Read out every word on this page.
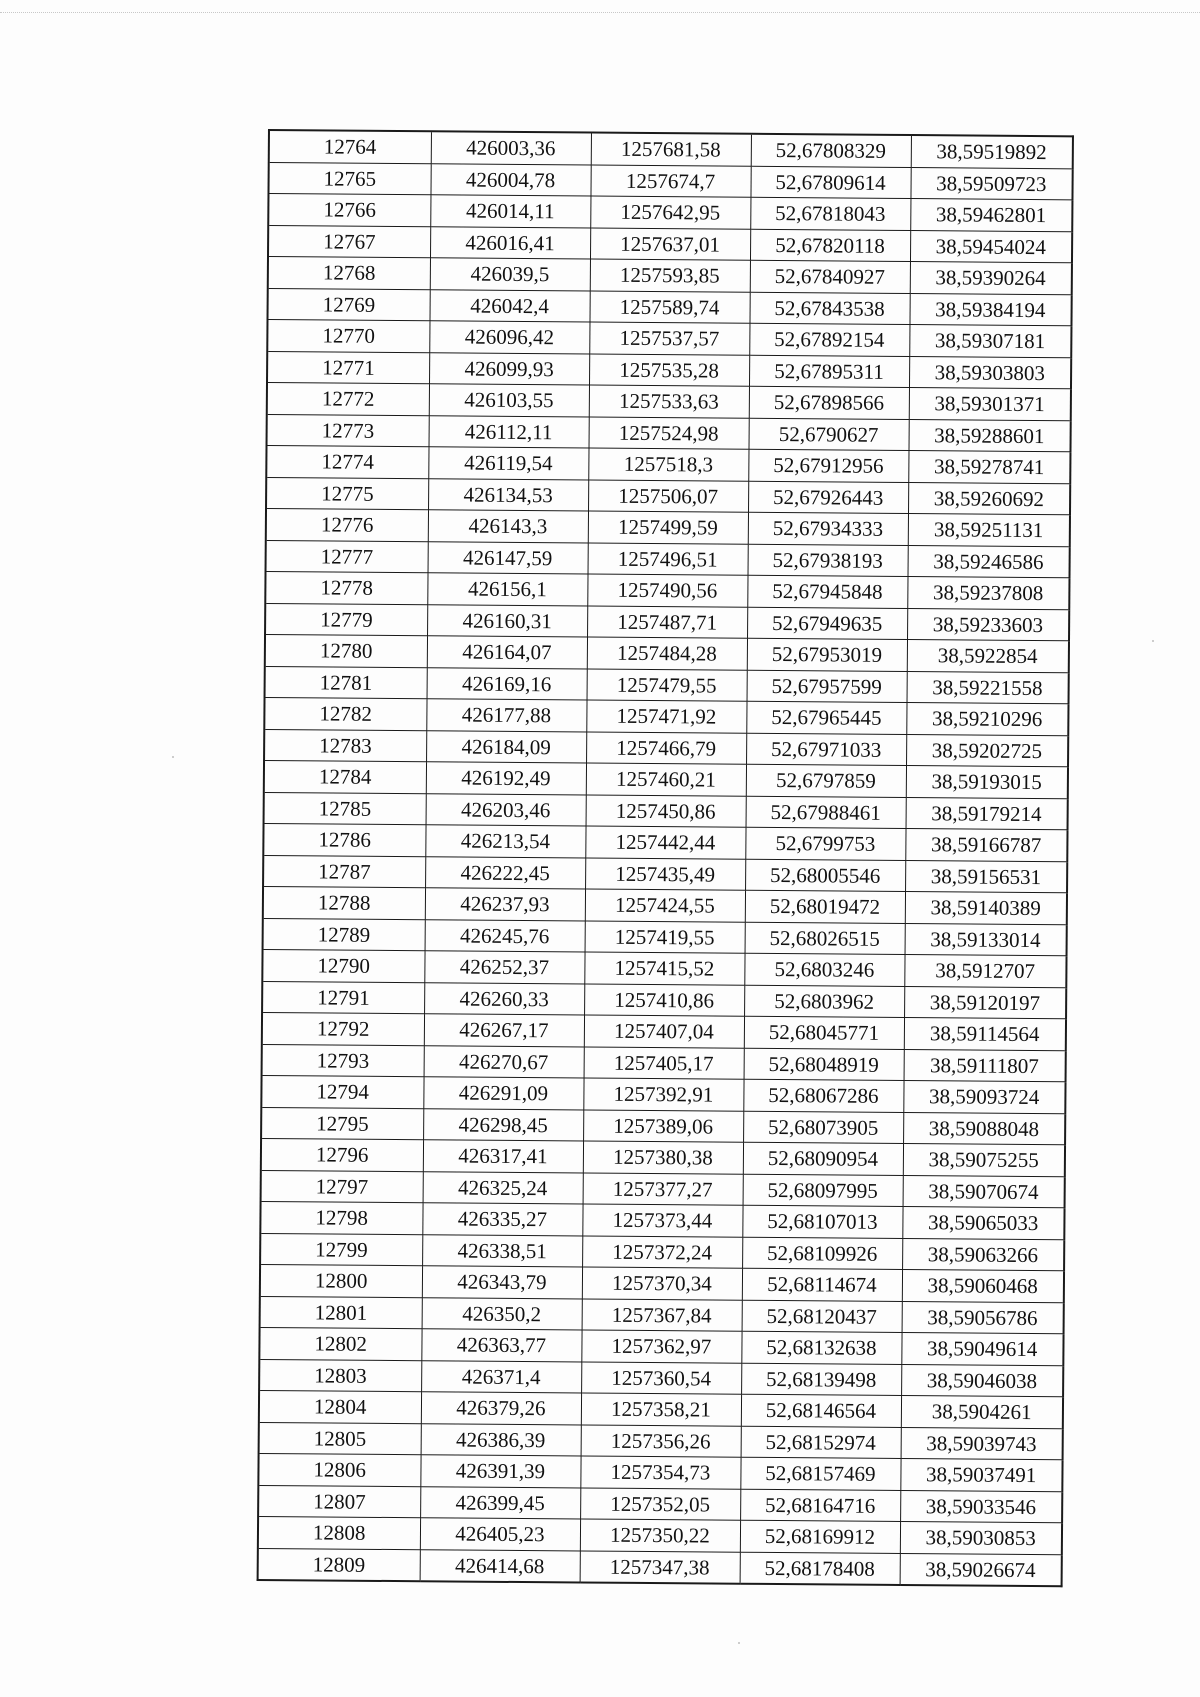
12764	426003,36	1257681,58	52,67808329	38,59519892
12765	426004,78	1257674,7	52,67809614	38,59509723
12766	426014,11	1257642,95	52,67818043	38,59462801
12767	426016,41	1257637,01	52,67820118	38,59454024
12768	426039,5	1257593,85	52,67840927	38,59390264
12769	426042,4	1257589,74	52,67843538	38,59384194
12770	426096,42	1257537,57	52,67892154	38,59307181
12771	426099,93	1257535,28	52,67895311	38,59303803
12772	426103,55	1257533,63	52,67898566	38,59301371
12773	426112,11	1257524,98	52,6790627	38,59288601
12774	426119,54	1257518,3	52,67912956	38,59278741
12775	426134,53	1257506,07	52,67926443	38,59260692
12776	426143,3	1257499,59	52,67934333	38,59251131
12777	426147,59	1257496,51	52,67938193	38,59246586
12778	426156,1	1257490,56	52,67945848	38,59237808
12779	426160,31	1257487,71	52,67949635	38,59233603
12780	426164,07	1257484,28	52,67953019	38,5922854
12781	426169,16	1257479,55	52,67957599	38,59221558
12782	426177,88	1257471,92	52,67965445	38,59210296
12783	426184,09	1257466,79	52,67971033	38,59202725
12784	426192,49	1257460,21	52,6797859	38,59193015
12785	426203,46	1257450,86	52,67988461	38,59179214
12786	426213,54	1257442,44	52,6799753	38,59166787
12787	426222,45	1257435,49	52,68005546	38,59156531
12788	426237,93	1257424,55	52,68019472	38,59140389
12789	426245,76	1257419,55	52,68026515	38,59133014
12790	426252,37	1257415,52	52,6803246	38,5912707
12791	426260,33	1257410,86	52,6803962	38,59120197
12792	426267,17	1257407,04	52,68045771	38,59114564
12793	426270,67	1257405,17	52,68048919	38,59111807
12794	426291,09	1257392,91	52,68067286	38,59093724
12795	426298,45	1257389,06	52,68073905	38,59088048
12796	426317,41	1257380,38	52,68090954	38,59075255
12797	426325,24	1257377,27	52,68097995	38,59070674
12798	426335,27	1257373,44	52,68107013	38,59065033
12799	426338,51	1257372,24	52,68109926	38,59063266
12800	426343,79	1257370,34	52,68114674	38,59060468
12801	426350,2	1257367,84	52,68120437	38,59056786
12802	426363,77	1257362,97	52,68132638	38,59049614
12803	426371,4	1257360,54	52,68139498	38,59046038
12804	426379,26	1257358,21	52,68146564	38,5904261
12805	426386,39	1257356,26	52,68152974	38,59039743
12806	426391,39	1257354,73	52,68157469	38,59037491
12807	426399,45	1257352,05	52,68164716	38,59033546
12808	426405,23	1257350,22	52,68169912	38,59030853
12809	426414,68	1257347,38	52,68178408	38,59026674
